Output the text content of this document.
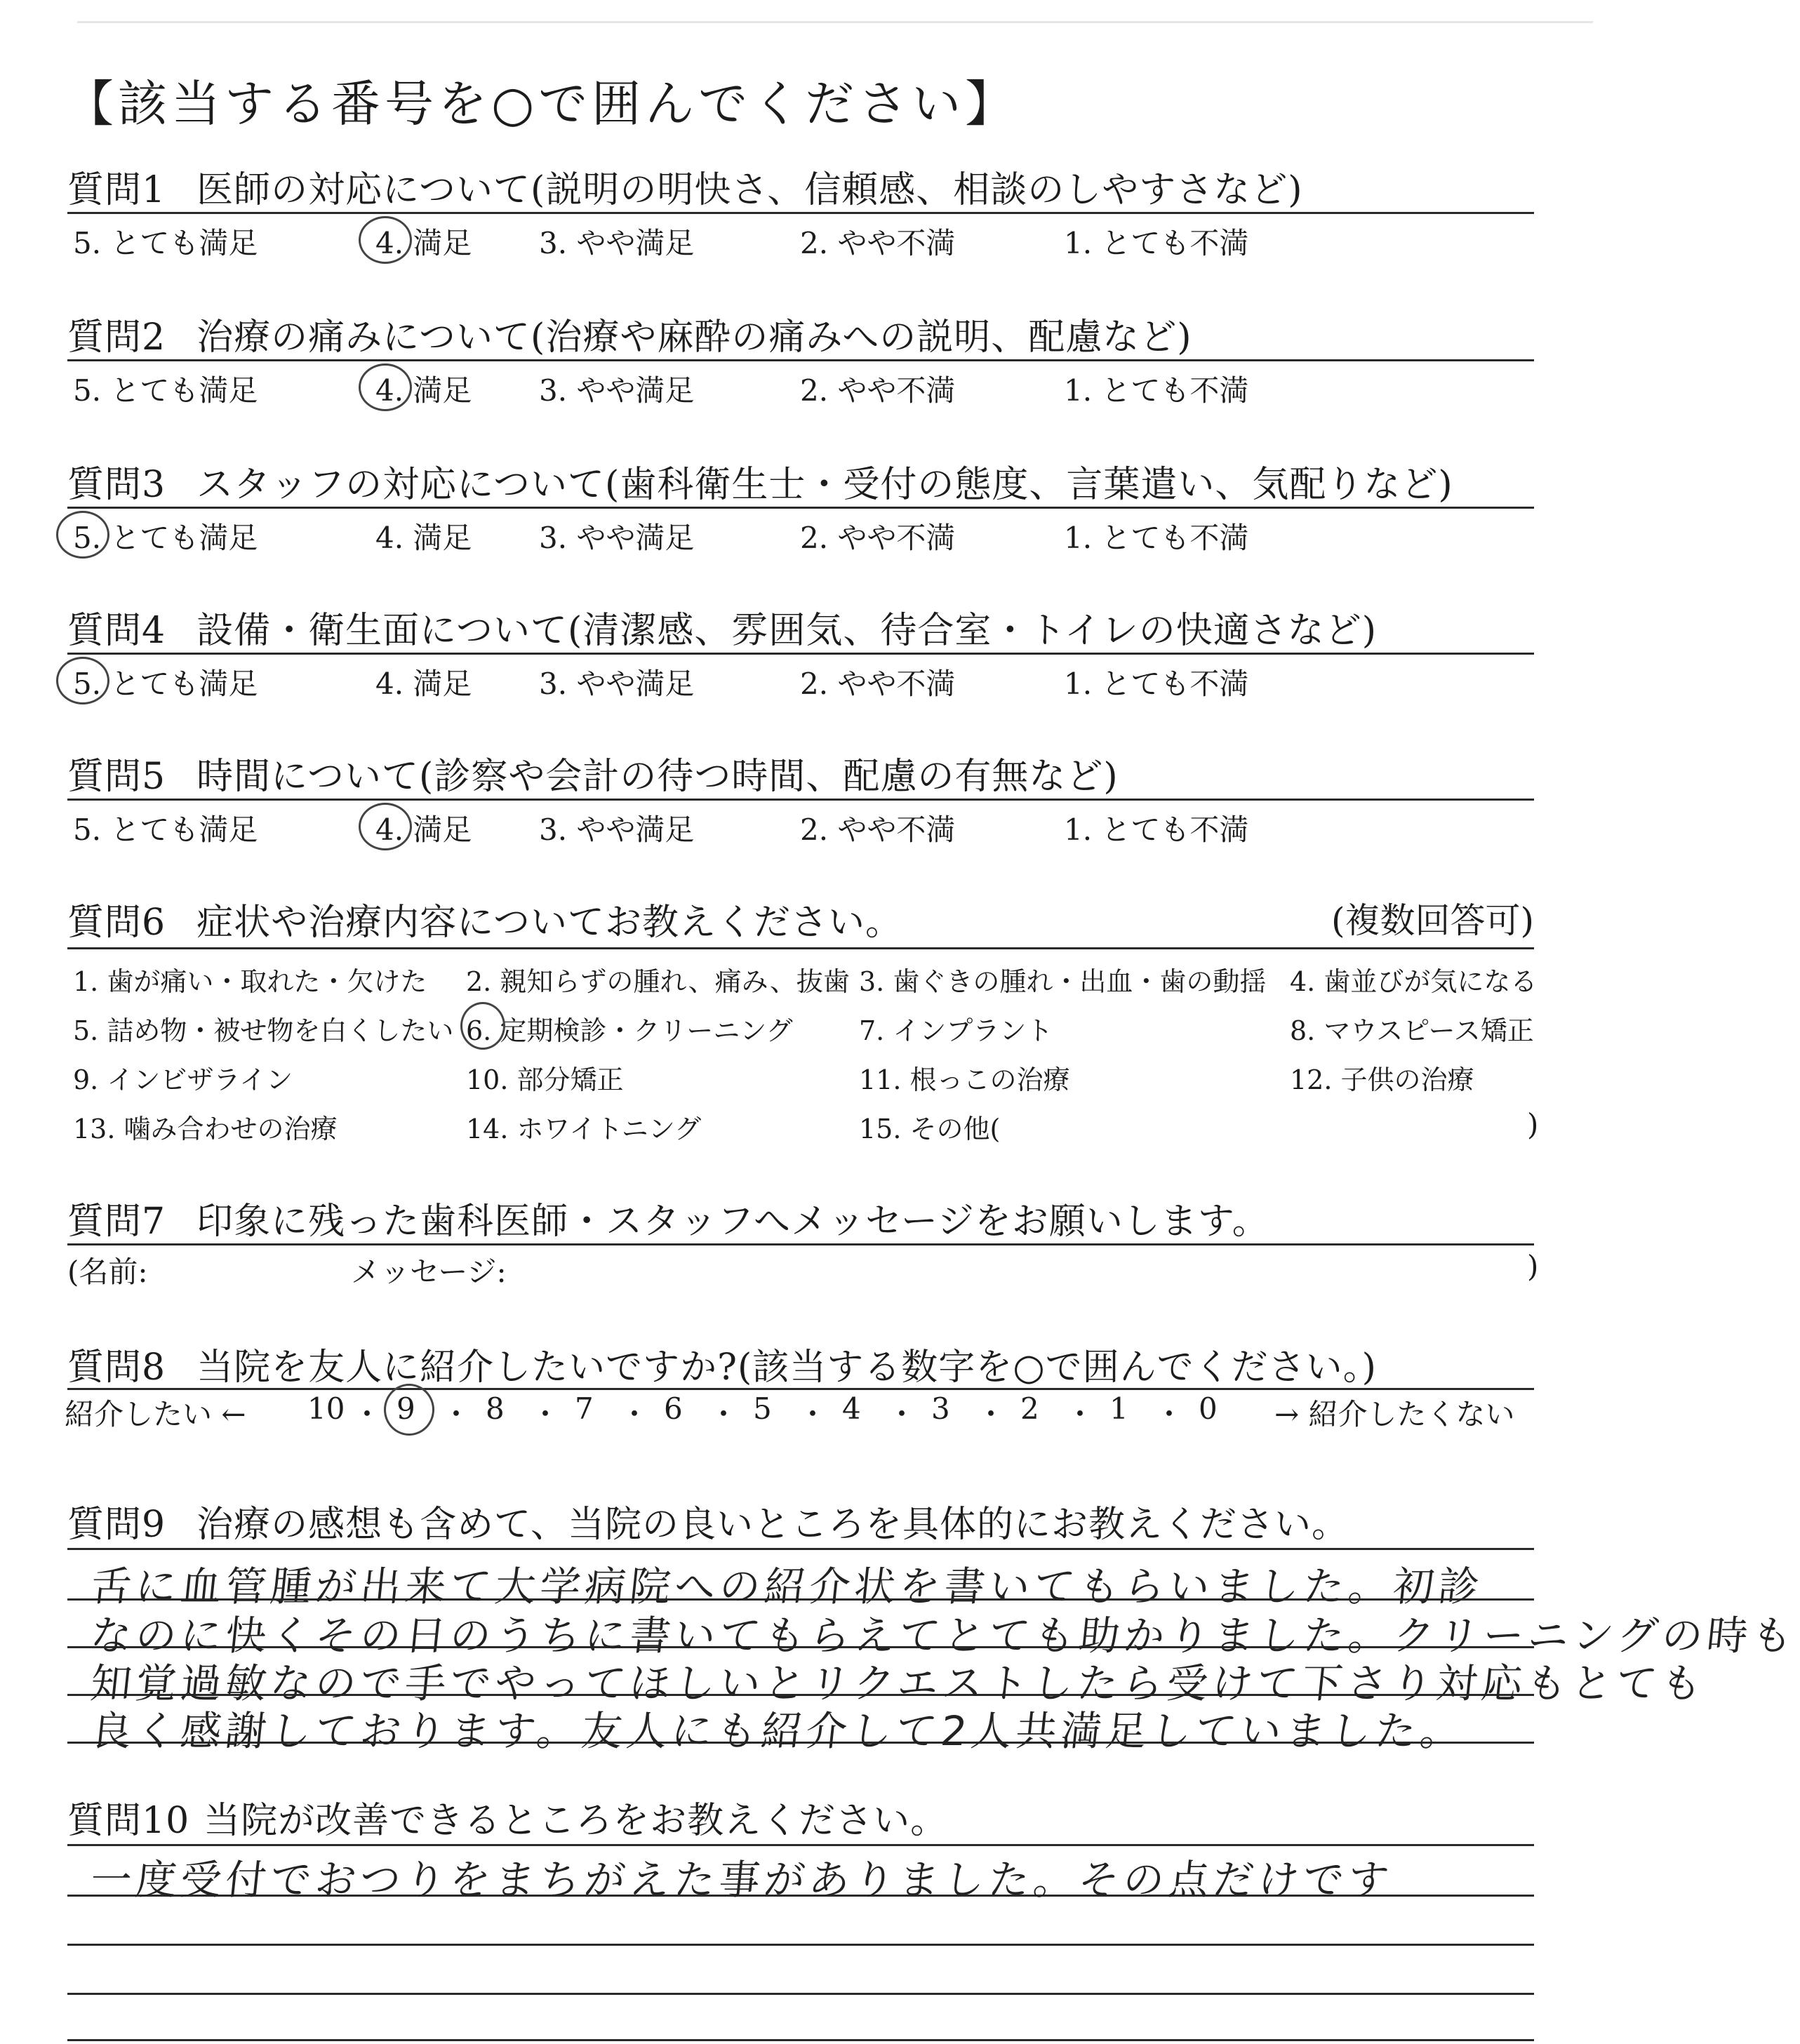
【該当する番号を○で囲んでください】
質問1 医師の対応について(説明の明快さ、信頼感、相談のしやすさなど)
5. とても満足	4. 満足 3. やや満足	2. やや不満	1. とても不満
質問2 治療の痛みについて(治療や麻酔の痛みへの説明、配慮など)
5. とても満足	4. 満足 3. やや満足	2. やや不満	1. とても不満
質問3 スタッフの対応について(歯科衛生士・受付の態度、言葉遣い、気配りなど)
5. とても満足	4. 満足 3. やや満足	2. やや不満	1. とても不満
質問4 設備・衛生面について(清潔感、雰囲気、待合室・トイレの快適さなど)
5. とても満足	4. 満足 3. やや満足	2. やや不満	1. とても不満
質問5 時間について(診察や会計の待つ時間、配慮の有無など)
5. とても満足	4. 満足 3. やや満足	2. やや不満	1. とても不満
質問6 症状や治療内容についてお教えください。	(複数回答可)
1. 歯が痛い・取れた・欠けた 2. 親知らずの腫れ、痛み、抜歯 3. 歯ぐきの腫れ・出血・歯の動揺 4. 歯並びが気になる
5. 詰め物・被せ物を白くしたい 6. 定期検診・クリーニング 7. インプラント	8. マウスピース矯正
9. インビザライン	10. 部分矯正	11. 根っこの治療	12. 子供の治療
13. 噛み合わせの治療	14. ホワイトニング	15. その他(	)
質問7 印象に残った歯科医師・スタッフへメッセージをお願いします。
(名前:	メッセージ:	)
質問8 当院を友人に紹介したいですか?(該当する数字を○で囲んでください。)
紹介したい ← 10 ・ 9 ・ 8 ・ 7 ・ 6 ・ 5 ・ 4 ・ 3 ・ 2 ・ 1 ・ 0 → 紹介したくない
質問9 治療の感想も含めて、当院の良いところを具体的にお教えください。
舌に血管腫が出来て大学病院への紹介状を書いてもらいました。初診
なのに快くその日のうちに書いてもらえてとても助かりました。クリーニングの時も
知覚過敏なので手でやってほしいとリクエストしたら受けて下さり対応もとても
良く感謝しております。友人にも紹介して2人共満足していました。
質問10 当院が改善できるところをお教えください。
一度受付でおつりをまちがえた事がありました。その点だけです
